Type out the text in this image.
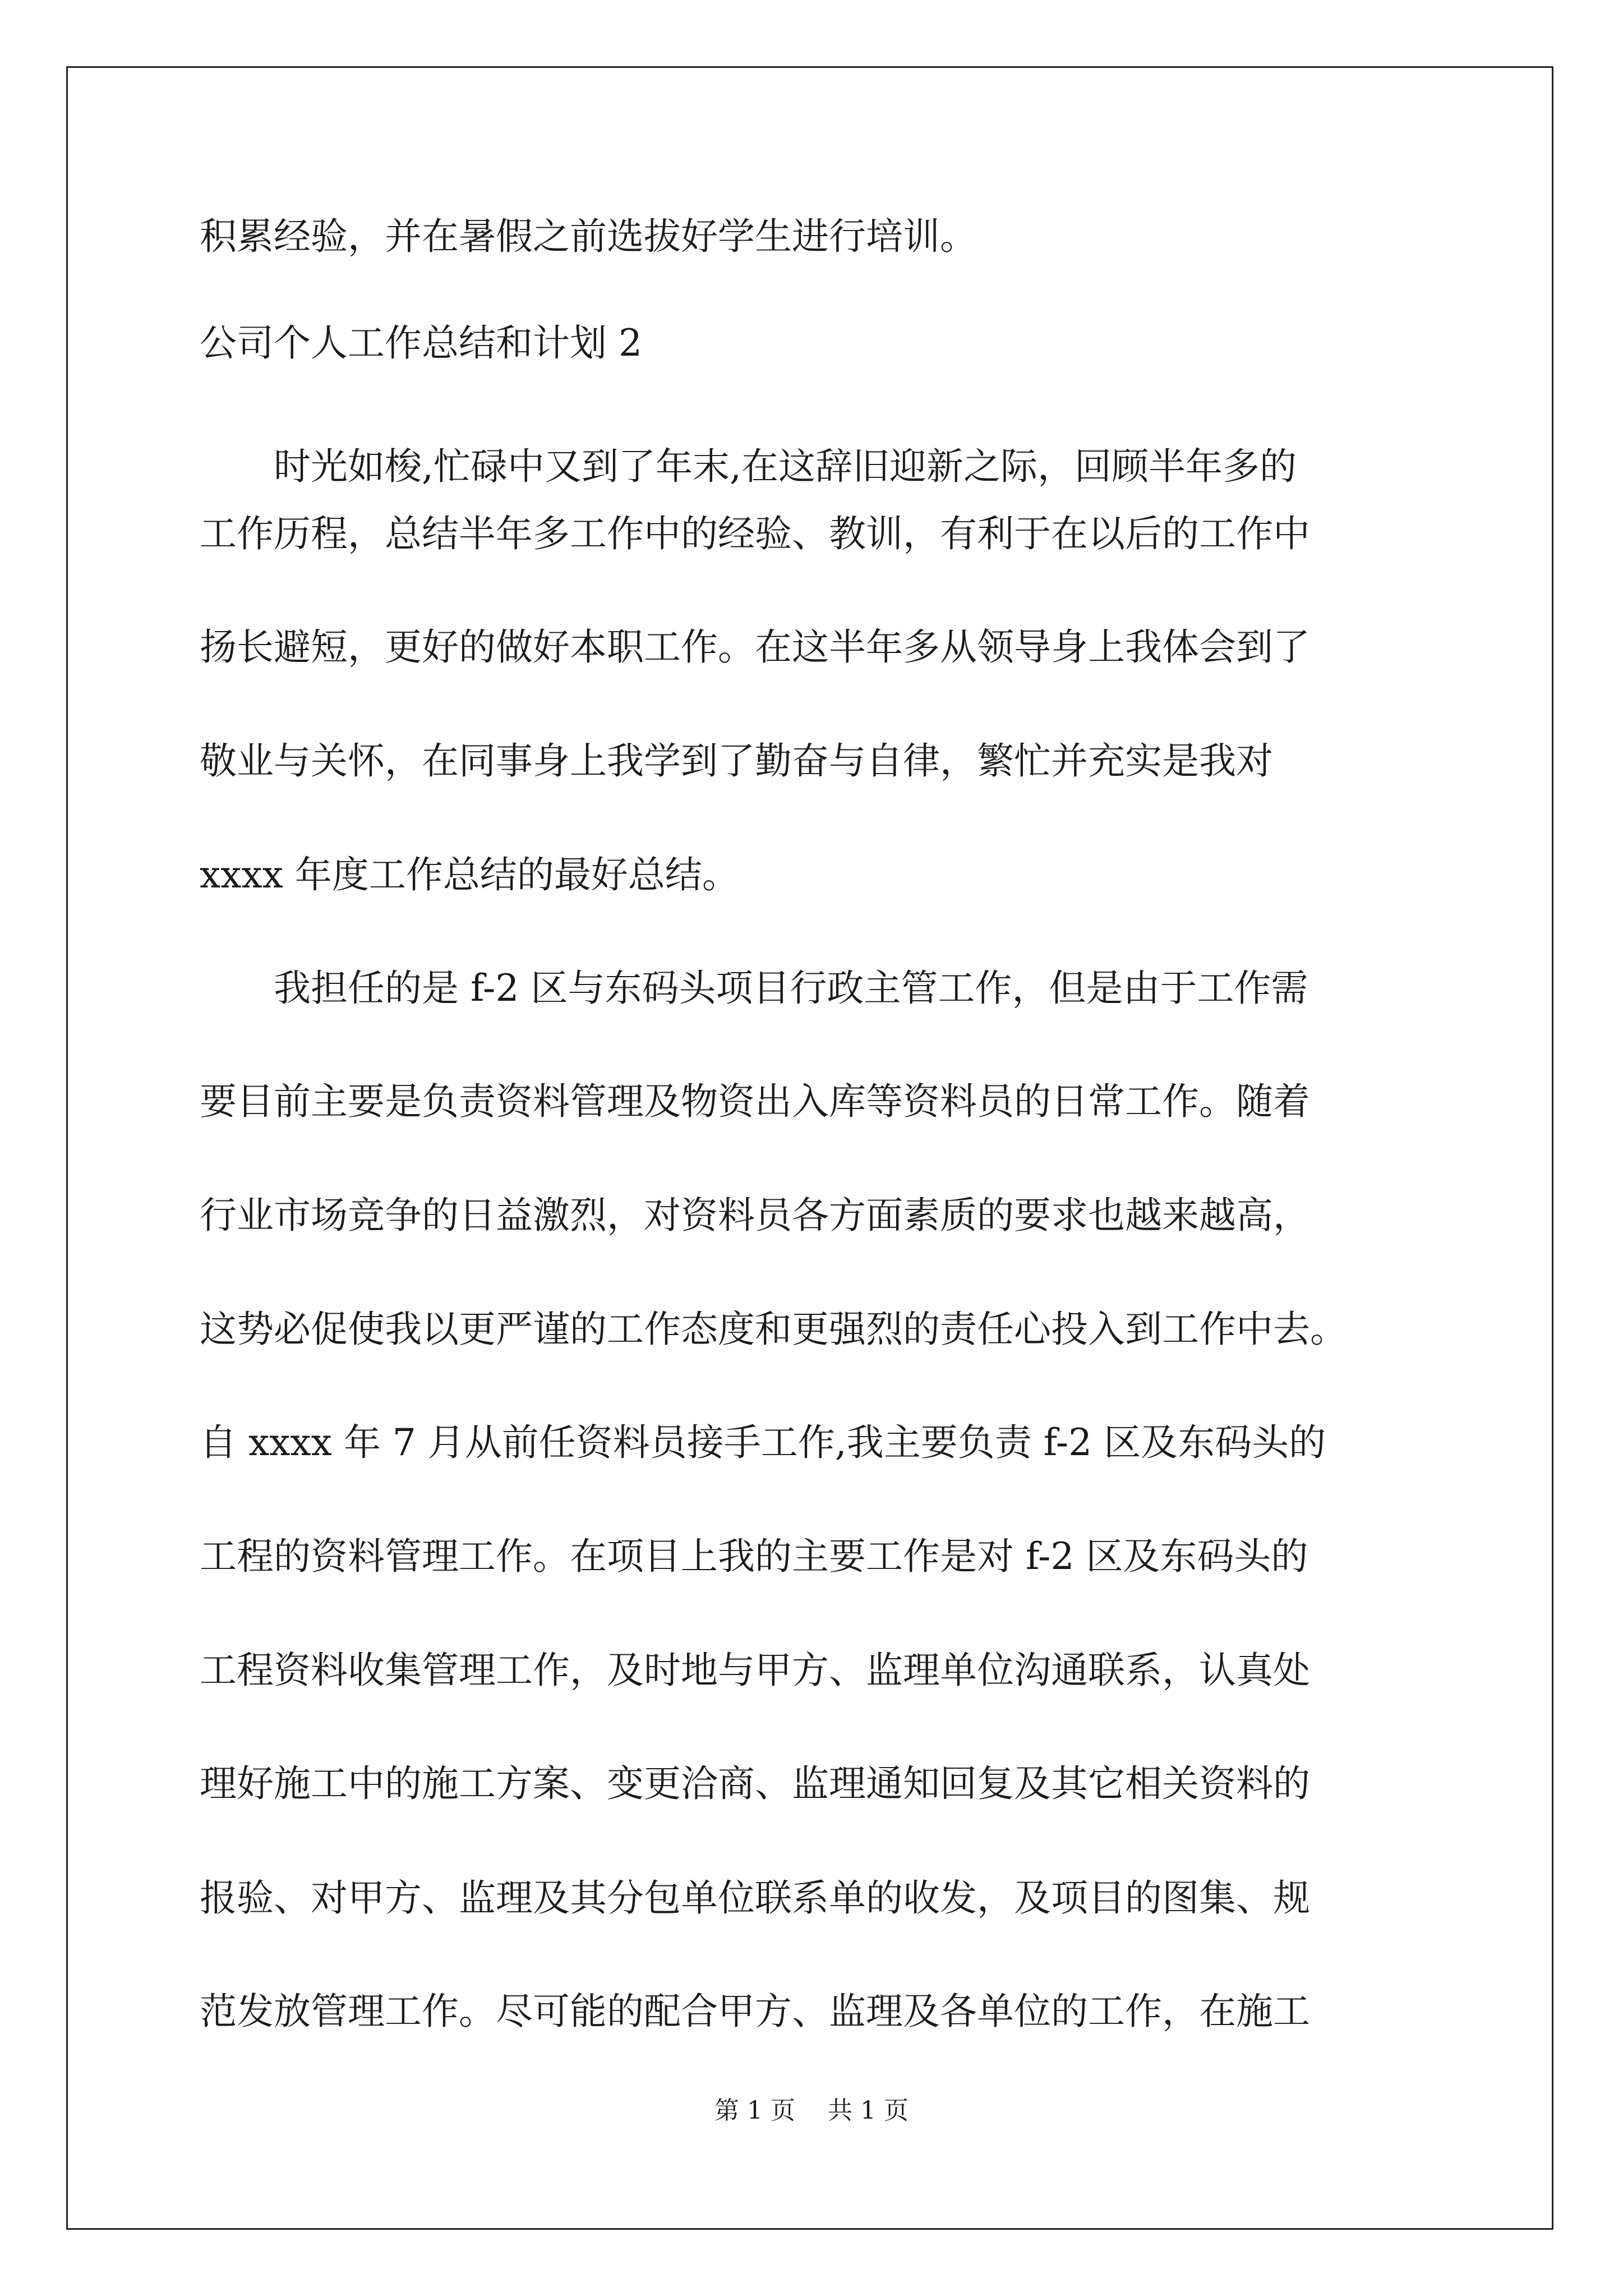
积累经验，并在暑假之前选拔好学生进行培训。
公司个人工作总结和计划 2
　　时光如梭,忙碌中又到了年末,在这辞旧迎新之际，回顾半年多的
工作历程，总结半年多工作中的经验、教训，有利于在以后的工作中
扬长避短，更好的做好本职工作。在这半年多从领导身上我体会到了
敬业与关怀，在同事身上我学到了勤奋与自律，繁忙并充实是我对
xxxx 年度工作总结的最好总结。
　　我担任的是 f-2 区与东码头项目行政主管工作，但是由于工作需
要目前主要是负责资料管理及物资出入库等资料员的日常工作。随着
行业市场竞争的日益激烈，对资料员各方面素质的要求也越来越高，
这势必促使我以更严谨的工作态度和更强烈的责任心投入到工作中去。
自 xxxx 年 7 月从前任资料员接手工作,我主要负责 f-2 区及东码头的
工程的资料管理工作。在项目上我的主要工作是对 f-2 区及东码头的
工程资料收集管理工作，及时地与甲方、监理单位沟通联系，认真处
理好施工中的施工方案、变更洽商、监理通知回复及其它相关资料的
报验、对甲方、监理及其分包单位联系单的收发，及项目的图集、规
范发放管理工作。尽可能的配合甲方、监理及各单位的工作，在施工
第 1 页　 共 1 页
